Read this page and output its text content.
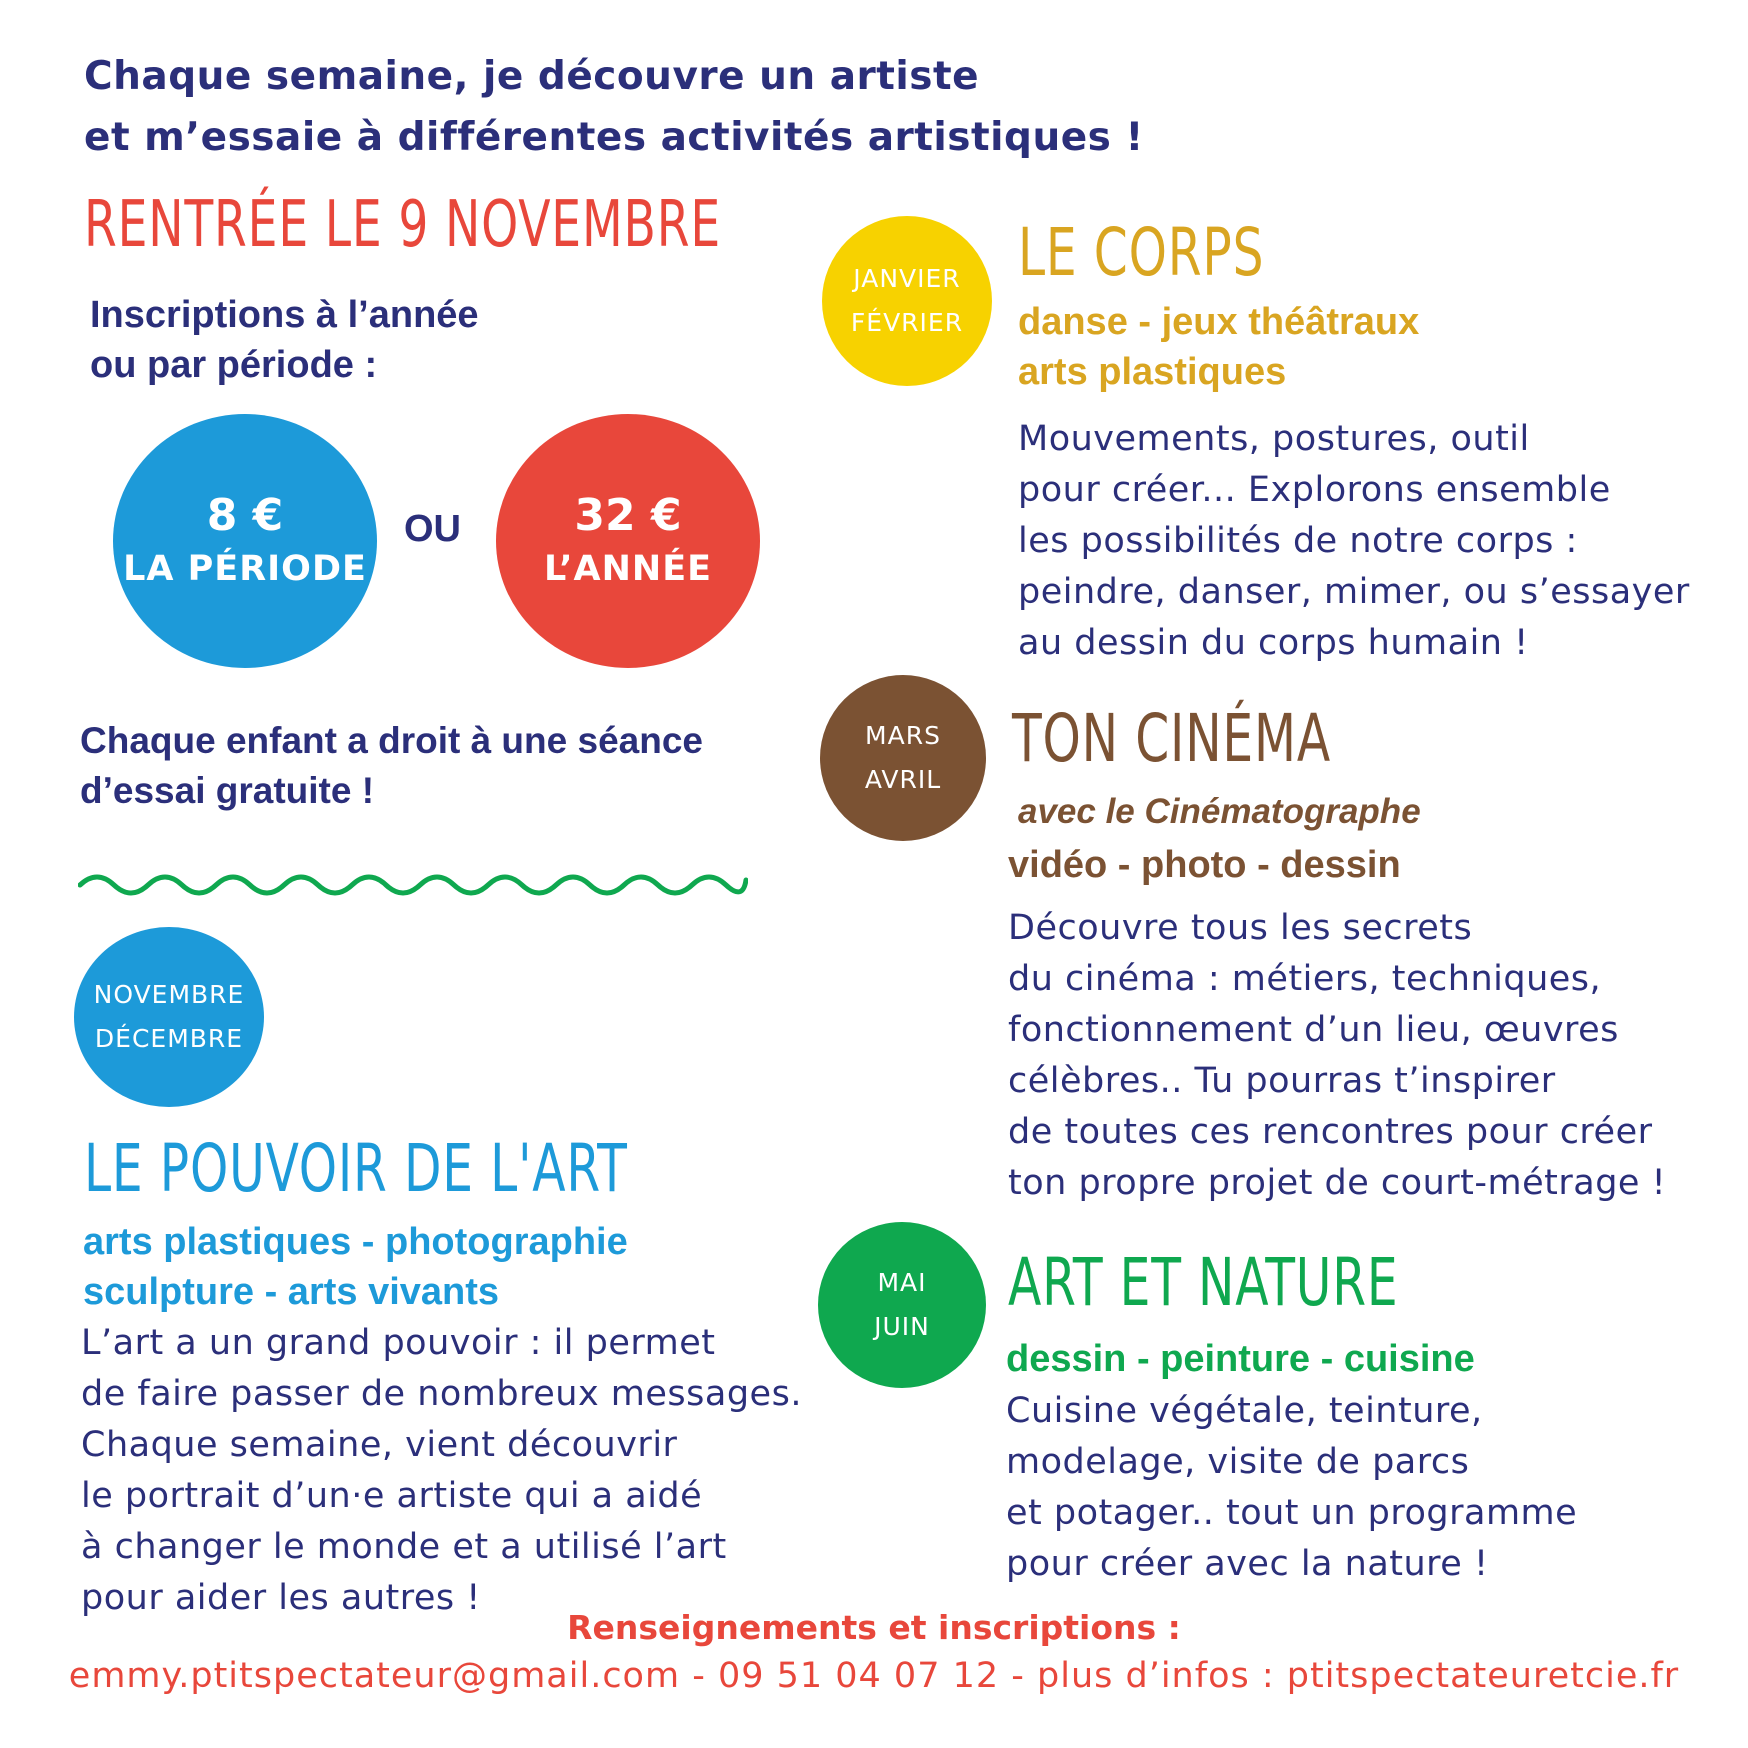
Chaque semaine, je découvre un artiste
et m’essaie à différentes activités artistiques !
RENTRÉE LE 9 NOVEMBRE
Inscriptions à l’année
ou par période :
8 €
LA PÉRIODE
OU	32 €
L’ANNÉE
Chaque enfant a droit à une séance
d’essai gratuite !
NOVEMBRE
DÉCEMBRE
LE POUVOIR DE L'ART
arts plastiques - photographie
sculpture - arts vivants
L’art a un grand pouvoir : il permet
de faire passer de nombreux messages.
Chaque semaine, vient découvrir
le portrait d’un·e artiste qui a aidé
à changer le monde et a utilisé l’art
pour aider les autres !
JANVIER
FÉVRIER
LE CORPS
danse - jeux théâtraux
arts plastiques
Mouvements, postures, outil
pour créer... Explorons ensemble
les possibilités de notre corps :
peindre, danser, mimer, ou s’essayer
au dessin du corps humain !
MARS
AVRIL
TON CINÉMA
avec le Cinématographe
vidéo - photo - dessin
Découvre tous les secrets
du cinéma : métiers, techniques,
fonctionnement d’un lieu, œuvres
célèbres.. Tu pourras t’inspirer
de toutes ces rencontres pour créer
ton propre projet de court-métrage !
MAI
JUIN
ART ET NATURE
dessin - peinture - cuisine
Cuisine végétale, teinture,
modelage, visite de parcs
et potager.. tout un programme
pour créer avec la nature !
Renseignements et inscriptions :
emmy.ptitspectateur@gmail.com - 09 51 04 07 12 - plus d’infos : ptitspectateuretcie.fr
